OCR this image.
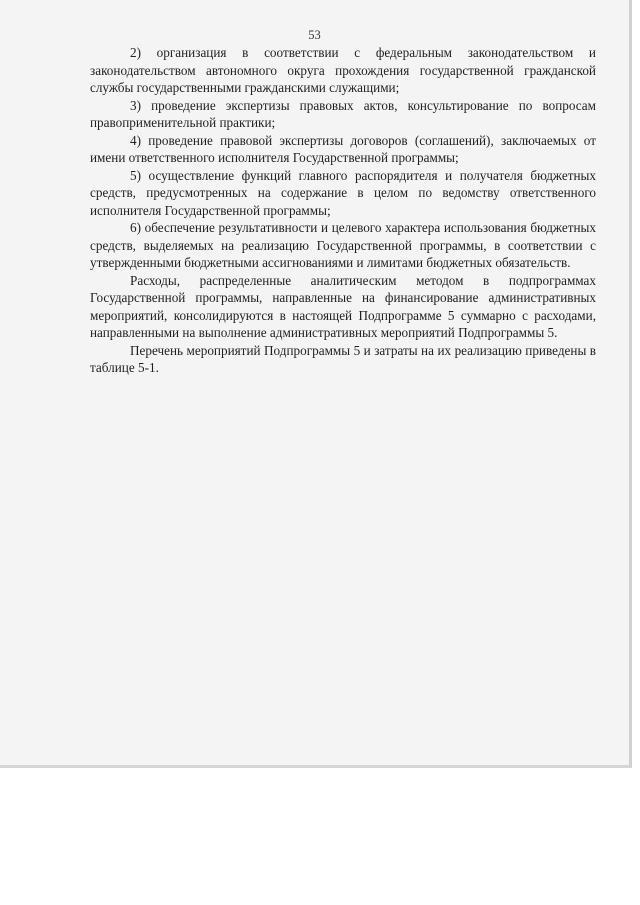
53

2) организация в соответствии с федеральным законодательством и законодательством автономного округа прохождения государственной гражданской службы государственными гражданскими служащими;

3) проведение экспертизы правовых актов, консультирование по вопросам правоприменительной практики;

4) проведение правовой экспертизы договоров (соглашений), заключаемых от имени ответственного исполнителя Государственной программы;

5) осуществление функций главного распорядителя и получателя бюджетных средств, предусмотренных на содержание в целом по ведомству ответственного исполнителя Государственной программы;

6) обеспечение результативности и целевого характера использования бюджетных средств, выделяемых на реализацию Государственной программы, в соответствии с утвержденными бюджетными ассигнованиями и лимитами бюджетных обязательств.

Расходы, распределенные аналитическим методом в подпрограммах Государственной программы, направленные на финансирование административных мероприятий, консолидируются в настоящей Подпрограмме 5 суммарно с расходами, направленными на выполнение административных мероприятий Подпрограммы 5.

Перечень мероприятий Подпрограммы 5 и затраты на их реализацию приведены в таблице 5-1.
